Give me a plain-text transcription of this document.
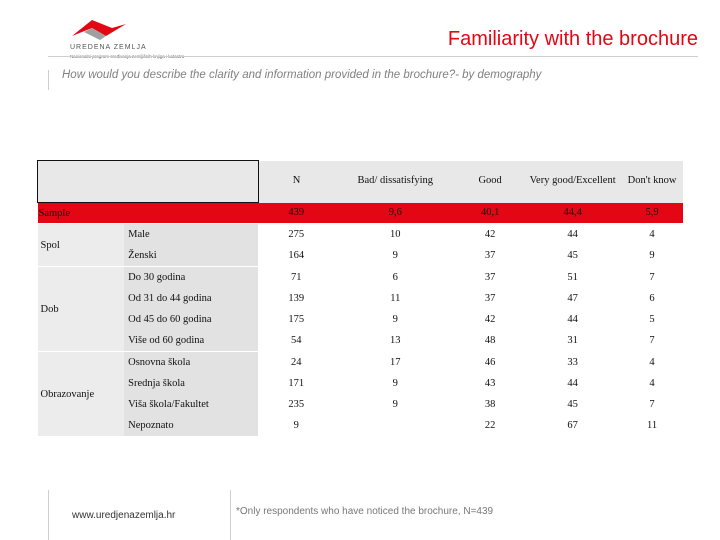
UREDENA ZEMLJA	Familiarity with the brochure
How would you describe the clarity and information provided in the brochure?- by demography
		N	Bad/ dissatisfying	Good	Very good/Excellent	Don't know
Sample		439	9,6	40,1	44,4	5,9
Spol	Male	275	10	42	44	4
	Ženski	164	9	37	45	9
Dob	Do 30 godina	71	6	37	51	7
	Od 31 do 44 godina	139	11	37	47	6
	Od 45 do 60 godina	175	9	42	44	5
	Više od 60 godina	54	13	48	31	7
Obrazovanje	Osnovna škola	24	17	46	33	4
	Srednja škola	171	9	43	44	4
	Viša škola/Fakultet	235	9	38	45	7
	Nepoznato	9		22	67	11
www.uredjenazemlja.hr	*Only respondents who have noticed the brochure, N=439
